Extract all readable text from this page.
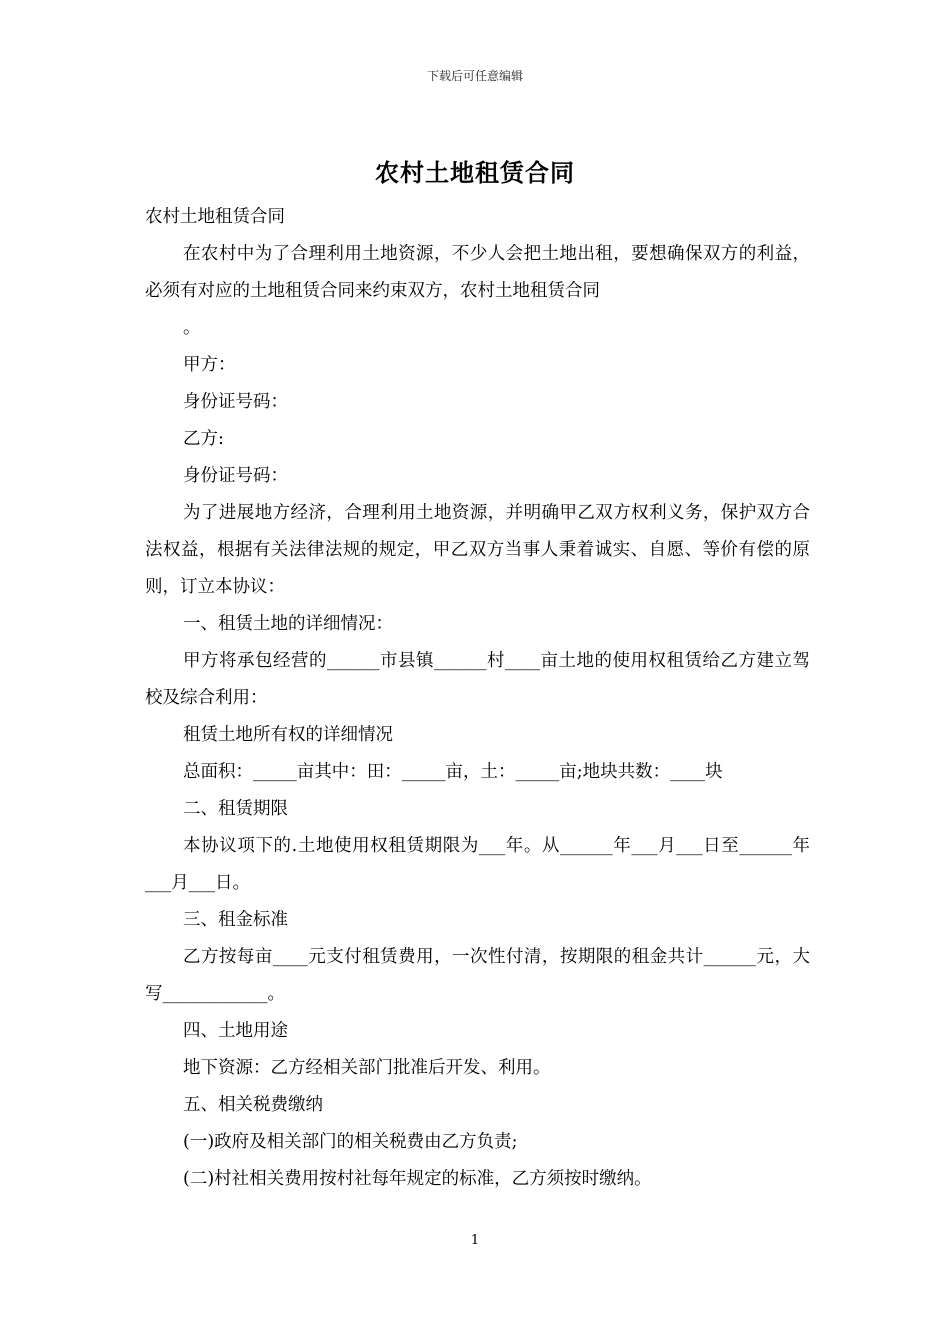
下载后可任意编辑
农村土地租赁合同

农村土地租赁合同

在农村中为了合理利用土地资源，不少人会把土地出租，要想确保双方的利益，必须有对应的土地租赁合同来约束双方，农村土地租赁合同

。

甲方：

身份证号码：

乙方:

身份证号码：

为了进展地方经济，合理利用土地资源，并明确甲乙双方权利义务，保护双方合法权益，根据有关法律法规的规定，甲乙双方当事人秉着诚实、自愿、等价有偿的原则，订立本协议：

一、租赁土地的详细情况：

甲方将承包经营的______市县镇______村____亩土地的使用权租赁给乙方建立驾校及综合利用：

租赁土地所有权的详细情况

总面积：_____亩其中：田：_____亩，土：_____亩;地块共数：____块

二、租赁期限

本协议项下的.土地使用权租赁期限为___年。从______年___月___日至______年___月___日。

三、租金标准

乙方按每亩____元支付租赁费用，一次性付清，按期限的租金共计______元，大写____________。

四、土地用途

地下资源：乙方经相关部门批准后开发、利用。

五、相关税费缴纳

(一)政府及相关部门的相关税费由乙方负责;

(二)村社相关费用按村社每年规定的标准，乙方须按时缴纳。

1
